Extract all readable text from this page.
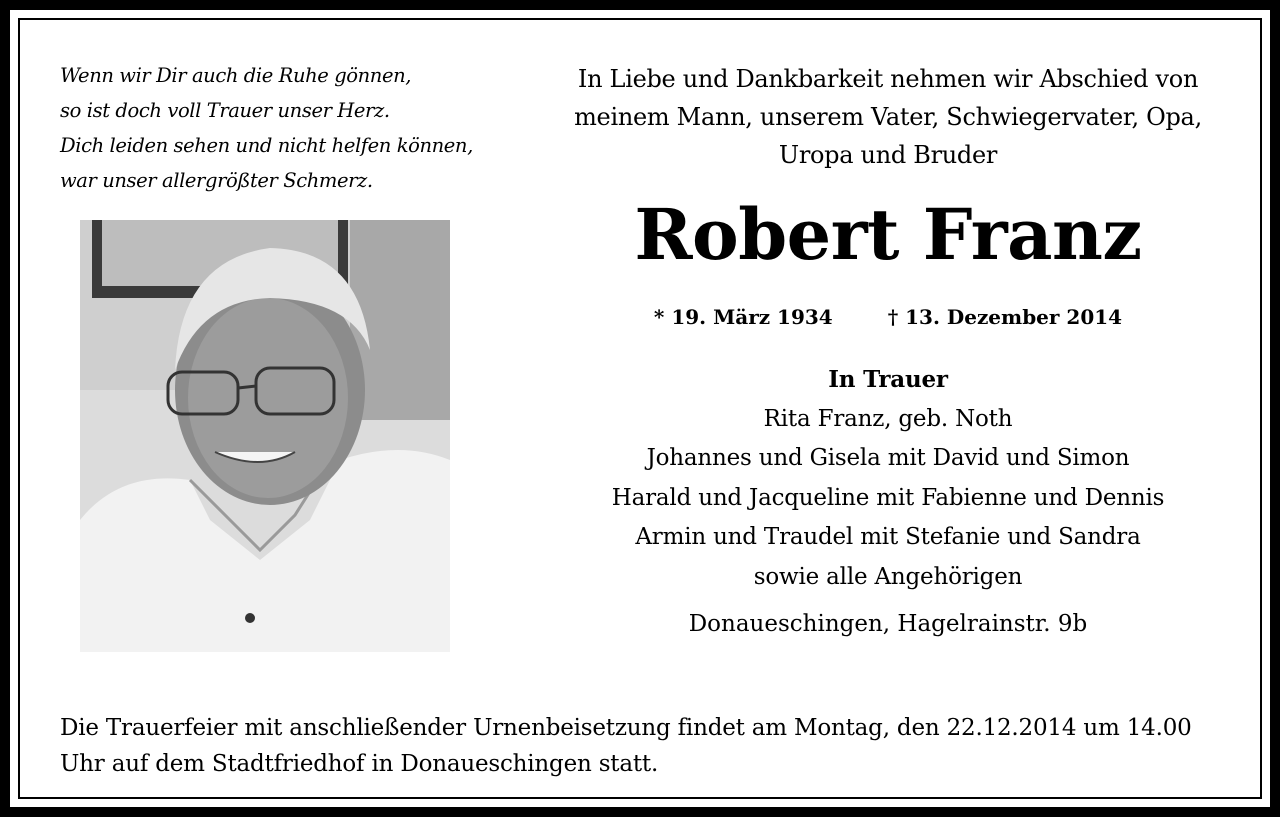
Wenn wir Dir auch die Ruhe gönnen,
so ist doch voll Trauer unser Herz.
Dich leiden sehen und nicht helfen können,
war unser allergrößter Schmerz.
In Liebe und Dankbarkeit nehmen wir Abschied von
meinem Mann, unserem Vater, Schwiegervater, Opa,
Uropa und Bruder
Robert Franz
* 19. März 1934	† 13. Dezember 2014
In Trauer
Rita Franz, geb. Noth
Johannes und Gisela mit David und Simon
Harald und Jacqueline mit Fabienne und Dennis
Armin und Traudel mit Stefanie und Sandra
sowie alle Angehörigen
Donaueschingen, Hagelrainstr. 9b
Die Trauerfeier mit anschließender Urnenbeisetzung findet am Montag, den 22.12.2014 um 14.00 Uhr auf dem Stadtfriedhof in Donaueschingen statt.
